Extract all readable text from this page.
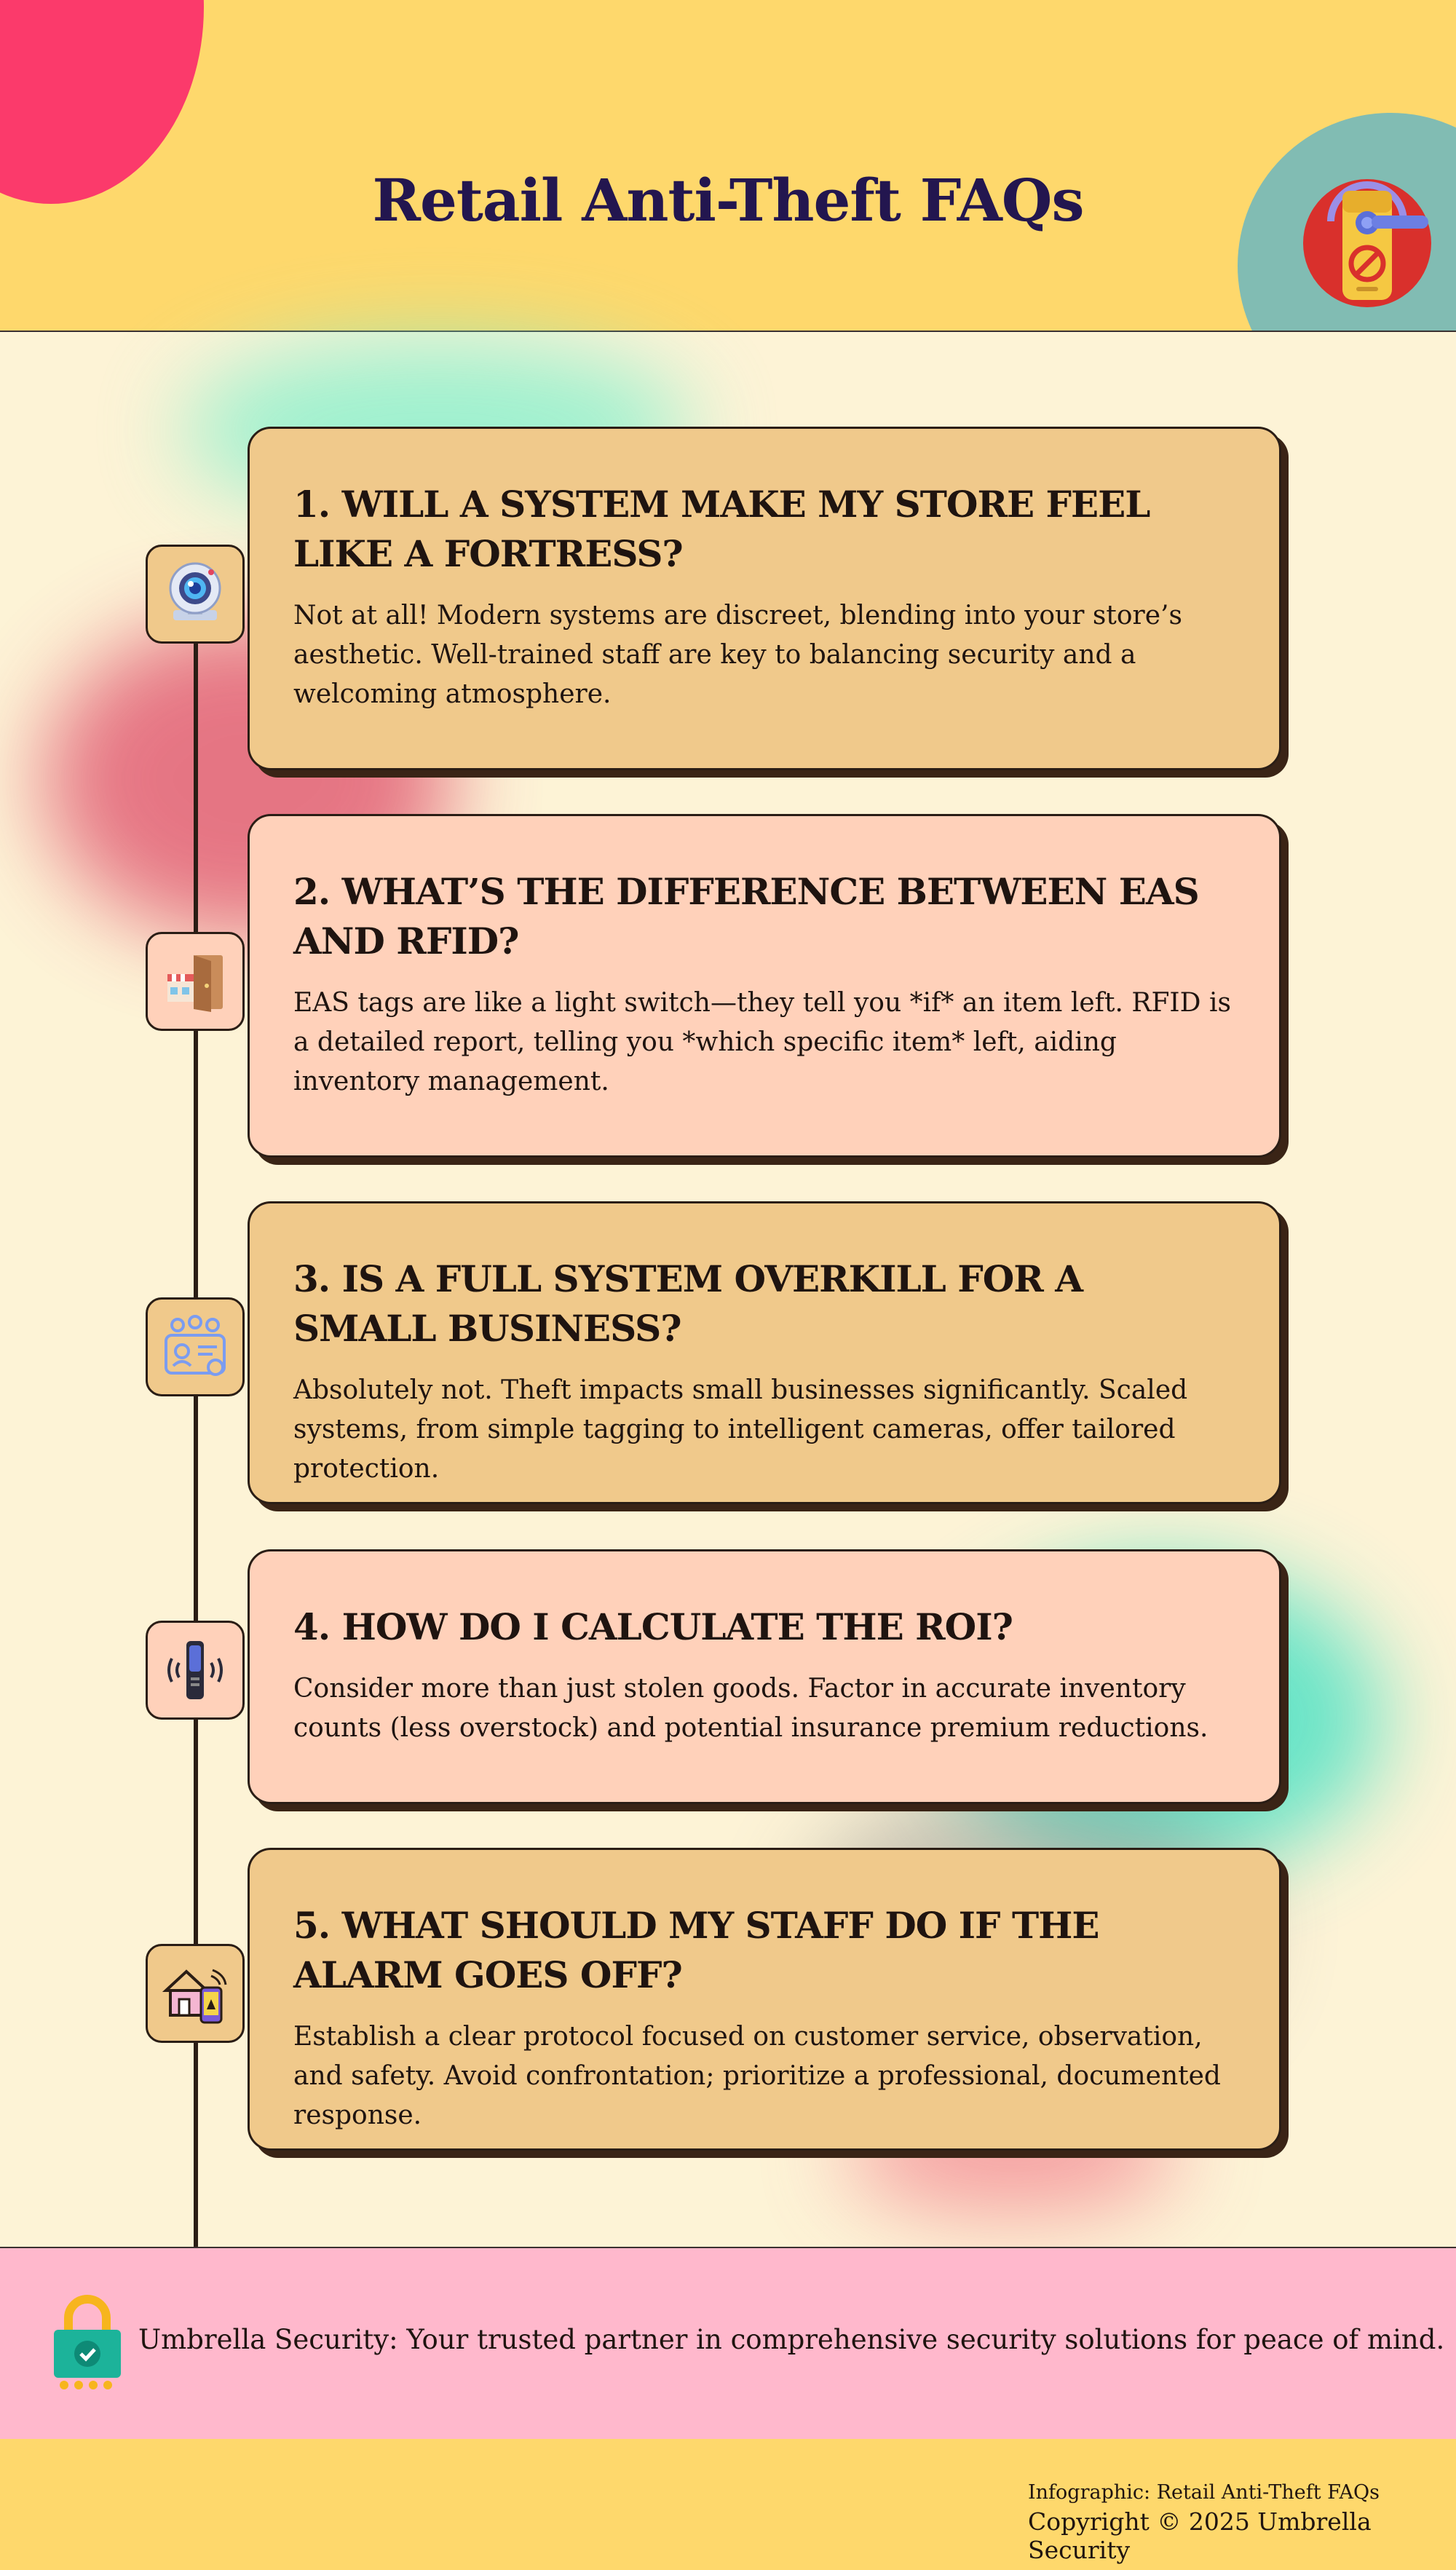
Retail Anti-Theft FAQs
1. WILL A SYSTEM MAKE MY STORE FEEL LIKE A FORTRESS?
Not at all! Modern systems are discreet, blending into your store’s aesthetic. Well-trained staff are key to balancing security and a welcoming atmosphere.
2. WHAT’S THE DIFFERENCE BETWEEN EAS AND RFID?
EAS tags are like a light switch—they tell you *if* an item left. RFID is a detailed report, telling you *which specific item* left, aiding inventory management.
3. IS A FULL SYSTEM OVERKILL FOR A SMALL BUSINESS?
Absolutely not. Theft impacts small businesses significantly. Scaled systems, from simple tagging to intelligent cameras, offer tailored protection.
4. HOW DO I CALCULATE THE ROI?
Consider more than just stolen goods. Factor in accurate inventory counts (less overstock) and potential insurance premium reductions.
5. WHAT SHOULD MY STAFF DO IF THE ALARM GOES OFF?
Establish a clear protocol focused on customer service, observation, and safety. Avoid confrontation; prioritize a professional, documented response.
Umbrella Security: Your trusted partner in comprehensive security solutions for peace of mind.
Infographic: Retail Anti-Theft FAQs
Copyright © 2025 Umbrella Security
